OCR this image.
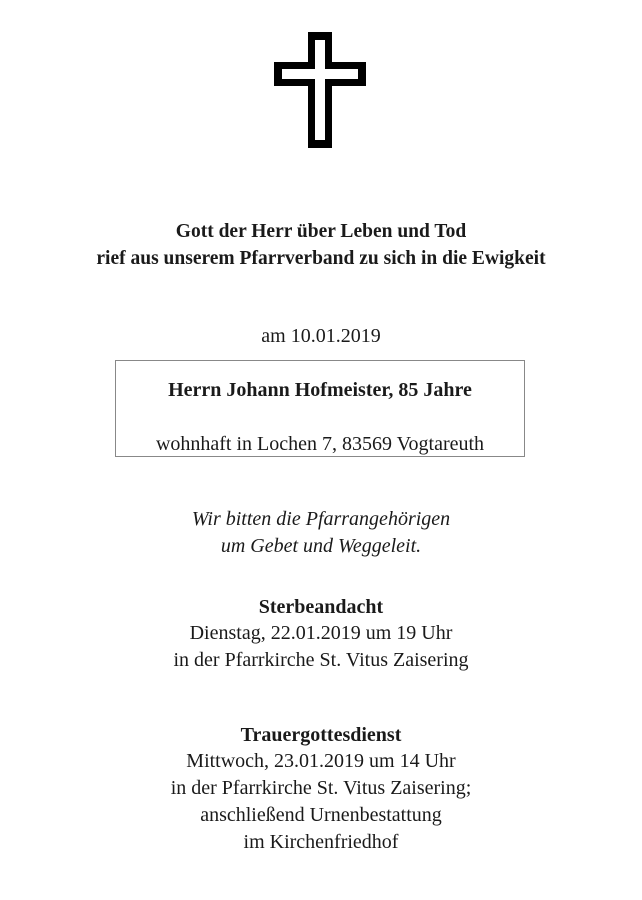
Gott der Herr über Leben und Tod
rief aus unserem Pfarrverband zu sich in die Ewigkeit
am 10.01.2019
Herrn Johann Hofmeister, 85 Jahre
wohnhaft in Lochen 7, 83569 Vogtareuth
Wir bitten die Pfarrangehörigen
um Gebet und Weggeleit.
Sterbeandacht
Dienstag, 22.01.2019 um 19 Uhr
in der Pfarrkirche St. Vitus Zaisering
Trauergottesdienst
Mittwoch, 23.01.2019 um 14 Uhr
in der Pfarrkirche St. Vitus Zaisering;
anschließend Urnenbestattung
im Kirchenfriedhof
